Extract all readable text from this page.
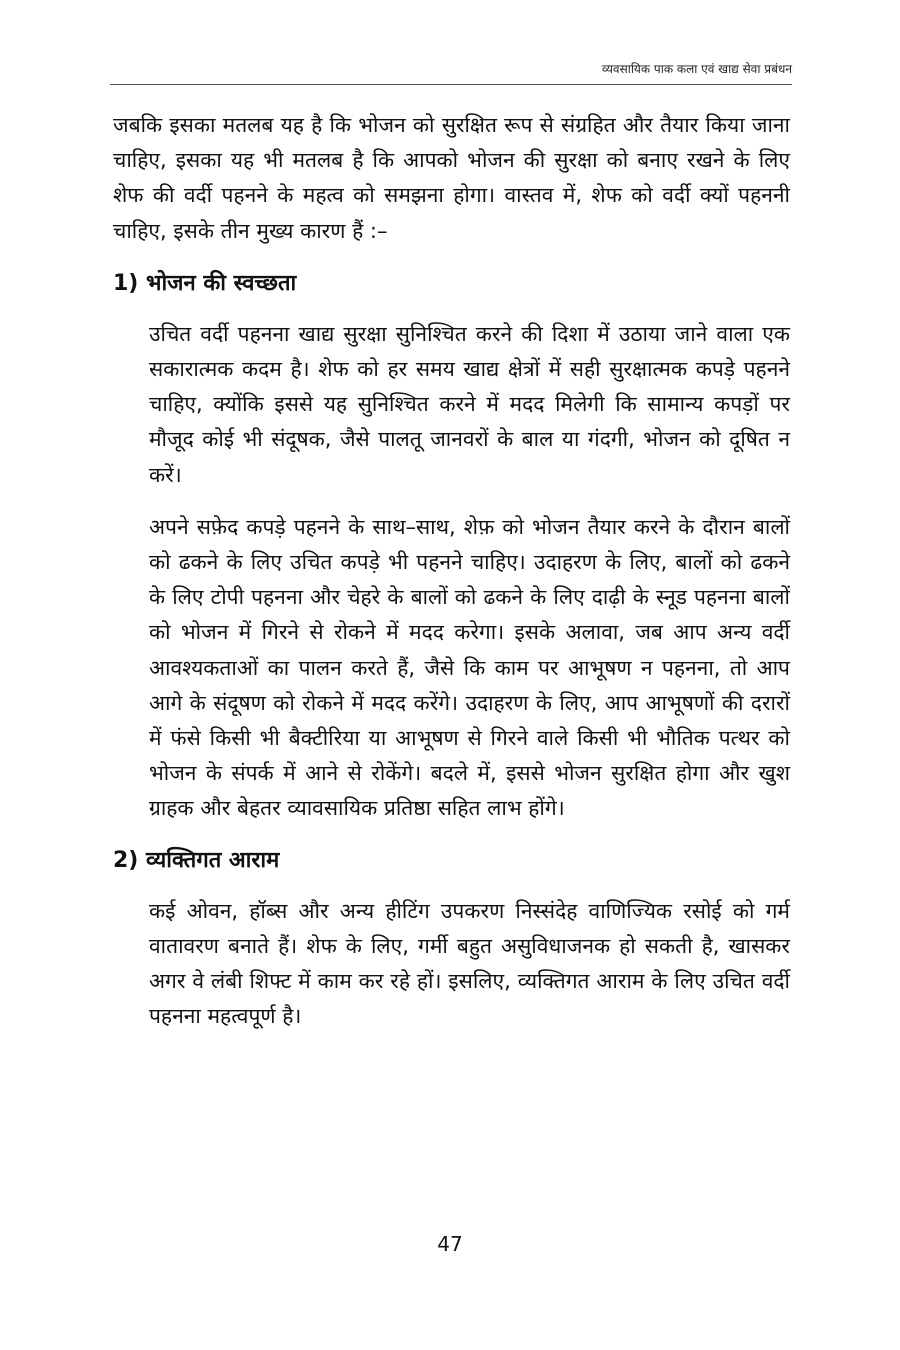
व्यवसायिक पाक कला एवं खाद्य सेवा प्रबंधन

जबकि इसका मतलब यह है कि भोजन को सुरक्षित रूप से संग्रहित और तैयार किया जाना चाहिए, इसका यह भी मतलब है कि आपको भोजन की सुरक्षा को बनाए रखने के लिए शेफ की वर्दी पहनने के महत्व को समझना होगा। वास्तव में, शेफ को वर्दी क्यों पहननी चाहिए, इसके तीन मुख्य कारण हैं :–

1) भोजन की स्वच्छता

उचित वर्दी पहनना खाद्य सुरक्षा सुनिश्चित करने की दिशा में उठाया जाने वाला एक सकारात्मक कदम है। शेफ को हर समय खाद्य क्षेत्रों में सही सुरक्षात्मक कपड़े पहनने चाहिए, क्योंकि इससे यह सुनिश्चित करने में मदद मिलेगी कि सामान्य कपड़ों पर मौजूद कोई भी संदूषक, जैसे पालतू जानवरों के बाल या गंदगी, भोजन को दूषित न करें।

अपने सफ़ेद कपड़े पहनने के साथ–साथ, शेफ़ को भोजन तैयार करने के दौरान बालों को ढकने के लिए उचित कपड़े भी पहनने चाहिए। उदाहरण के लिए, बालों को ढकने के लिए टोपी पहनना और चेहरे के बालों को ढकने के लिए दाढ़ी के स्नूड पहनना बालों को भोजन में गिरने से रोकने में मदद करेगा। इसके अलावा, जब आप अन्य वर्दी आवश्यकताओं का पालन करते हैं, जैसे कि काम पर आभूषण न पहनना, तो आप आगे के संदूषण को रोकने में मदद करेंगे। उदाहरण के लिए, आप आभूषणों की दरारों में फंसे किसी भी बैक्टीरिया या आभूषण से गिरने वाले किसी भी भौतिक पत्थर को भोजन के संपर्क में आने से रोकेंगे। बदले में, इससे भोजन सुरक्षित होगा और खुश ग्राहक और बेहतर व्यावसायिक प्रतिष्ठा सहित लाभ होंगे।

2) व्यक्तिगत आराम

कई ओवन, हॉब्स और अन्य हीटिंग उपकरण निस्संदेह वाणिज्यिक रसोई को गर्म वातावरण बनाते हैं। शेफ के लिए, गर्मी बहुत असुविधाजनक हो सकती है, खासकर अगर वे लंबी शिफ्ट में काम कर रहे हों। इसलिए, व्यक्तिगत आराम के लिए उचित वर्दी पहनना महत्वपूर्ण है।

47
